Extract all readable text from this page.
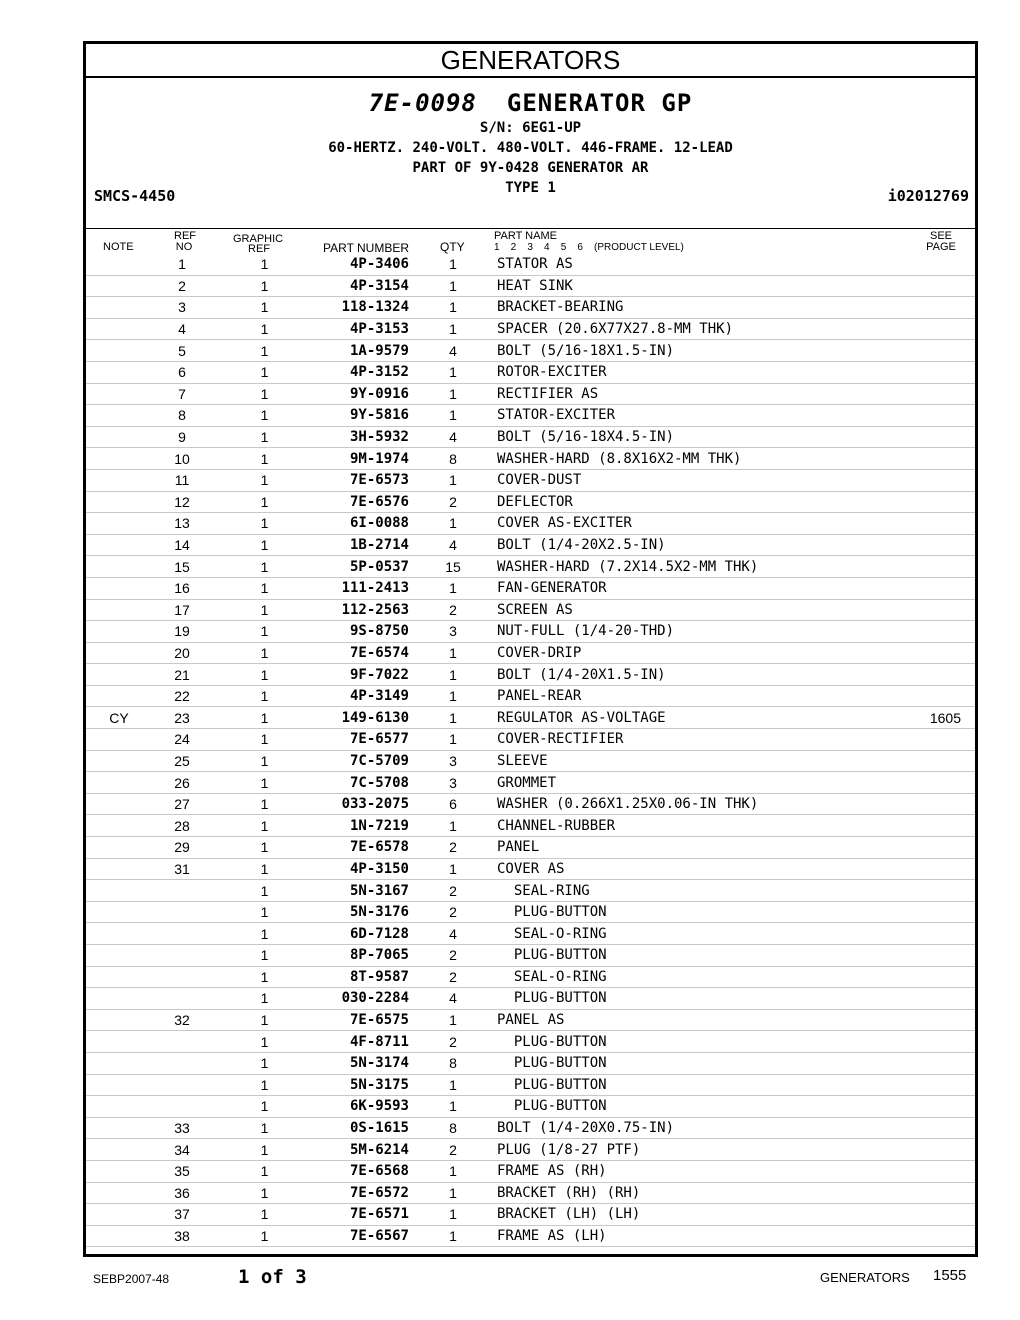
GENERATORS
7E-0098 GENERATOR GP
S/N: 6EG1-UP
60-HERTZ. 240-VOLT. 480-VOLT. 446-FRAME. 12-LEAD
PART OF 9Y-0428 GENERATOR AR
TYPE 1
SMCS-4450	i02012769
NOTE
REF
NO
GRAPHIC
REF	PART NUMBER	QTY
PART NAME
1    2    3    4    5    6    (PRODUCT LEVEL)
SEE
PAGE
	1	1	4P-3406	1	STATOR AS	
	2	1	4P-3154	1	HEAT SINK	
	3	1	118-1324	1	BRACKET-BEARING	
	4	1	4P-3153	1	SPACER (20.6X77X27.8-MM THK)	
	5	1	1A-9579	4	BOLT (5/16-18X1.5-IN)	
	6	1	4P-3152	1	ROTOR-EXCITER	
	7	1	9Y-0916	1	RECTIFIER AS	
	8	1	9Y-5816	1	STATOR-EXCITER	
	9	1	3H-5932	4	BOLT (5/16-18X4.5-IN)	
	10	1	9M-1974	8	WASHER-HARD (8.8X16X2-MM THK)	
	11	1	7E-6573	1	COVER-DUST	
	12	1	7E-6576	2	DEFLECTOR	
	13	1	6I-0088	1	COVER AS-EXCITER	
	14	1	1B-2714	4	BOLT (1/4-20X2.5-IN)	
	15	1	5P-0537	15	WASHER-HARD (7.2X14.5X2-MM THK)	
	16	1	111-2413	1	FAN-GENERATOR	
	17	1	112-2563	2	SCREEN AS	
	19	1	9S-8750	3	NUT-FULL (1/4-20-THD)	
	20	1	7E-6574	1	COVER-DRIP	
	21	1	9F-7022	1	BOLT (1/4-20X1.5-IN)	
	22	1	4P-3149	1	PANEL-REAR	
CY	23	1	149-6130	1	REGULATOR AS-VOLTAGE	1605
	24	1	7E-6577	1	COVER-RECTIFIER	
	25	1	7C-5709	3	SLEEVE	
	26	1	7C-5708	3	GROMMET	
	27	1	033-2075	6	WASHER (0.266X1.25X0.06-IN THK)	
	28	1	1N-7219	1	CHANNEL-RUBBER	
	29	1	7E-6578	2	PANEL	
	31	1	4P-3150	1	COVER AS	
		1	5N-3167	2	SEAL-RING	
		1	5N-3176	2	PLUG-BUTTON	
		1	6D-7128	4	SEAL-O-RING	
		1	8P-7065	2	PLUG-BUTTON	
		1	8T-9587	2	SEAL-O-RING	
		1	030-2284	4	PLUG-BUTTON	
	32	1	7E-6575	1	PANEL AS	
		1	4F-8711	2	PLUG-BUTTON	
		1	5N-3174	8	PLUG-BUTTON	
		1	5N-3175	1	PLUG-BUTTON	
		1	6K-9593	1	PLUG-BUTTON	
	33	1	0S-1615	8	BOLT (1/4-20X0.75-IN)	
	34	1	5M-6214	2	PLUG (1/8-27 PTF)	
	35	1	7E-6568	1	FRAME AS (RH)	
	36	1	7E-6572	1	BRACKET (RH) (RH)	
	37	1	7E-6571	1	BRACKET (LH) (LH)	
	38	1	7E-6567	1	FRAME AS (LH)	
SEBP2007-48	1 of 3	GENERATORS 1555
